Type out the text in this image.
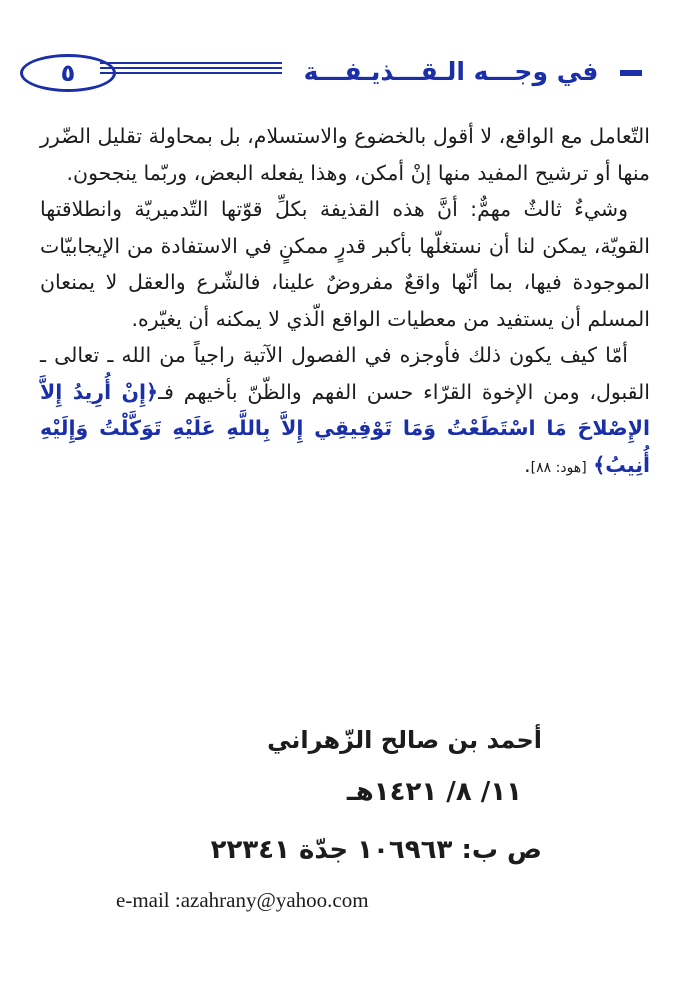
٥	في وجـــه الـقـــذيـفـــة

التّعامل مع الواقع، لا أقول بالخضوع والاستسلام، بل بمحاولة تقليل الضّرر منها أو ترشيح المفيد منها إنْ أمكن، وهذا يفعله البعض، وربّما ينجحون.

وشيءٌ ثالثٌ مهمٌّ: أنَّ هذه القذيفة بكلِّ قوّتها التّدميريّة وانطلاقتها القويّة، يمكن لنا أن نستغلّها بأكبر قدرٍ ممكنٍ في الاستفادة من الإيجابيّات الموجودة فيها، بما أنّها واقعٌ مفروضٌ علينا، فالشّرع والعقل لا يمنعان المسلم أن يستفيد من معطيات الواقع الّذي لا يمكنه أن يغيّره.

أمّا كيف يكون ذلك فأوجزه في الفصول الآتية راجياً من الله ـ تعالى ـ القبول، ومن الإخوة القرّاء حسن الفهم والظّنّ بأخيهم فـ﴿إِنْ أُرِيدُ إِلاَّ الإِصْلاحَ مَا اسْتَطَعْتُ وَمَا تَوْفِيقِي إِلاَّ بِاللَّهِ عَلَيْهِ تَوَكَّلْتُ وَإِلَيْهِ أُنِيبُ﴾ [هود: ٨٨].

أحمد بن صالح الزّهراني
١١/ ٨/ ١٤٢١هـ
ص ب: ١٠٦٩٦٣ جدّة ٢٢٣٤١
e-mail :azahrany@yahoo.com
